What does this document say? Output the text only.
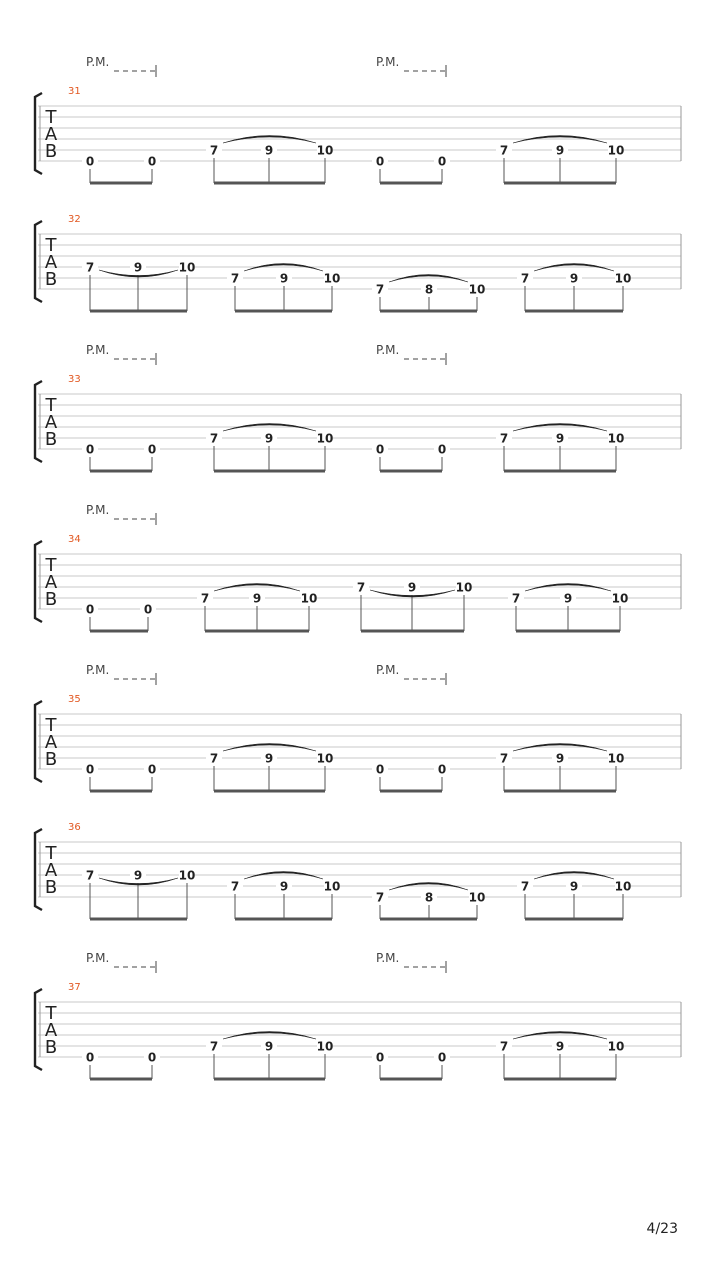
T
A
B
31
P.M.	P.M.
0	0
7	9	10
0	0
7	9	10
T
A
B
32
7	9	10
7	9	10
7	8	10
7	9	10
T
A
B
33
P.M.	P.M.
0	0
7	9	10
0	0
7	9	10
T
A
B
34
P.M.
0	0
7	9	10
7	9	10
7	9	10
T
A
B
35
P.M.	P.M.
0	0
7	9	10
0	0
7	9	10
T
A
B
36
7	9	10
7	9	10
7	8	10
7	9	10
T
A
B
37
P.M.	P.M.
0	0
7	9	10
0	0
7	9	10
4/23
